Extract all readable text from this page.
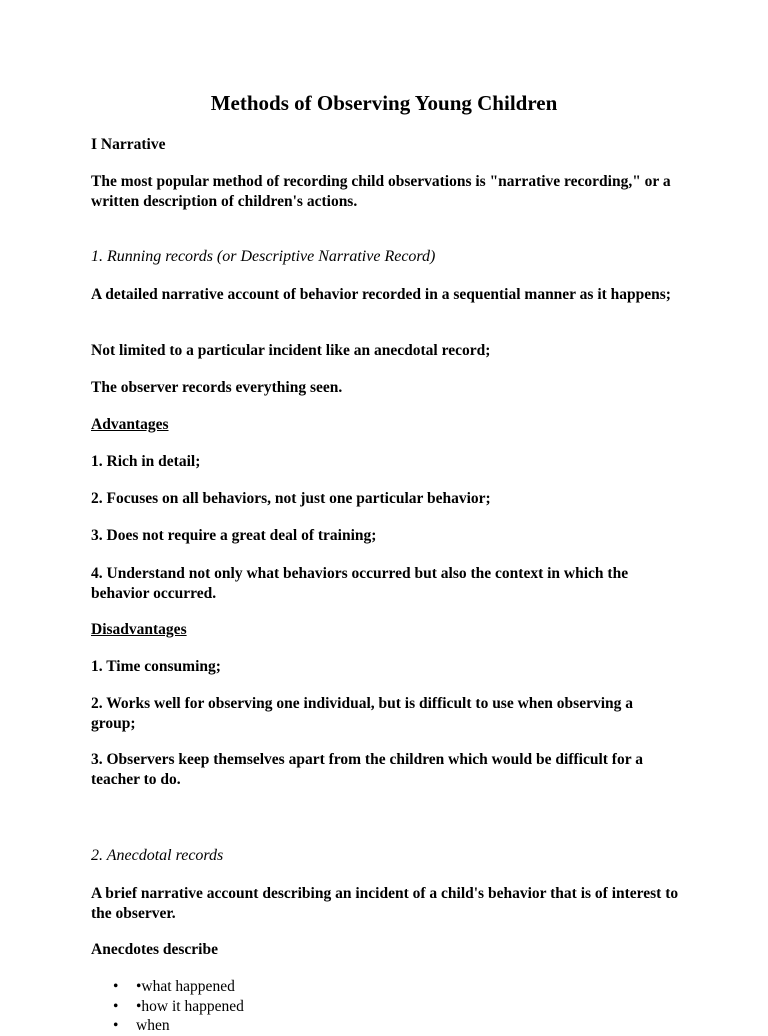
Methods of Observing Young Children

I Narrative

The most popular method of recording child observations is "narrative recording," or a written description of children's actions.

1. Running records (or Descriptive Narrative Record)

A detailed narrative account of behavior recorded in a sequential manner as it happens;

Not limited to a particular incident like an anecdotal record;

The observer records everything seen.

Advantages

1. Rich in detail;

2. Focuses on all behaviors, not just one particular behavior;

3. Does not require a great deal of training;

4. Understand not only what behaviors occurred but also the context in which the behavior occurred.

Disadvantages

1. Time consuming;

2. Works well for observing one individual, but is difficult to use when observing a group;

3. Observers keep themselves apart from the children which would be difficult for a teacher to do.

2. Anecdotal records

A brief narrative account describing an incident of a child's behavior that is of interest to the observer.

Anecdotes describe

• •what happened
• •how it happened
• when
